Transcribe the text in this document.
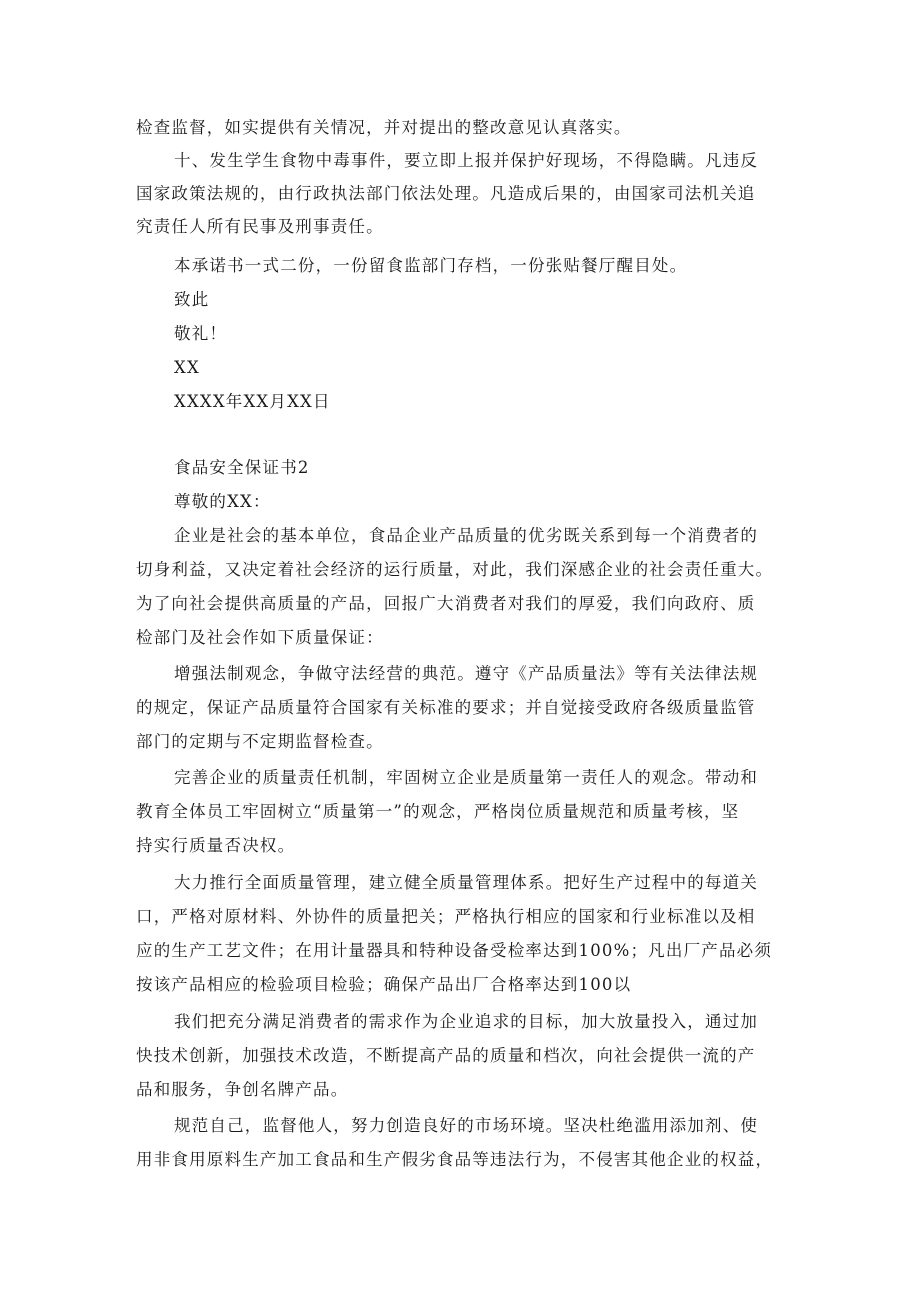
检查监督，如实提供有关情况，并对提出的整改意见认真落实。
十、发生学生食物中毒事件，要立即上报并保护好现场，不得隐瞒。凡违反
国家政策法规的，由行政执法部门依法处理。凡造成后果的，由国家司法机关追
究责任人所有民事及刑事责任。
本承诺书一式二份，一份留食监部门存档，一份张贴餐厅醒目处。
致此
敬礼！
XX
XXXX年XX月XX日
食品安全保证书2
尊敬的XX：
企业是社会的基本单位，食品企业产品质量的优劣既关系到每一个消费者的
切身利益，又决定着社会经济的运行质量，对此，我们深感企业的社会责任重大。
为了向社会提供高质量的产品，回报广大消费者对我们的厚爱，我们向政府、质
检部门及社会作如下质量保证：
增强法制观念，争做守法经营的典范。遵守《产品质量法》等有关法律法规
的规定，保证产品质量符合国家有关标准的要求；并自觉接受政府各级质量监管
部门的定期与不定期监督检查。
完善企业的质量责任机制，牢固树立企业是质量第一责任人的观念。带动和
教育全体员工牢固树立“质量第一”的观念，严格岗位质量规范和质量考核，坚
持实行质量否决权。
大力推行全面质量管理，建立健全质量管理体系。把好生产过程中的每道关
口，严格对原材料、外协件的质量把关；严格执行相应的国家和行业标准以及相
应的生产工艺文件；在用计量器具和特种设备受检率达到100%；凡出厂产品必须
按该产品相应的检验项目检验；确保产品出厂合格率达到100以
我们把充分满足消费者的需求作为企业追求的目标，加大放量投入，通过加
快技术创新，加强技术改造，不断提高产品的质量和档次，向社会提供一流的产
品和服务，争创名牌产品。
规范自己，监督他人，努力创造良好的市场环境。坚决杜绝滥用添加剂、使
用非食用原料生产加工食品和生产假劣食品等违法行为，不侵害其他企业的权益，
